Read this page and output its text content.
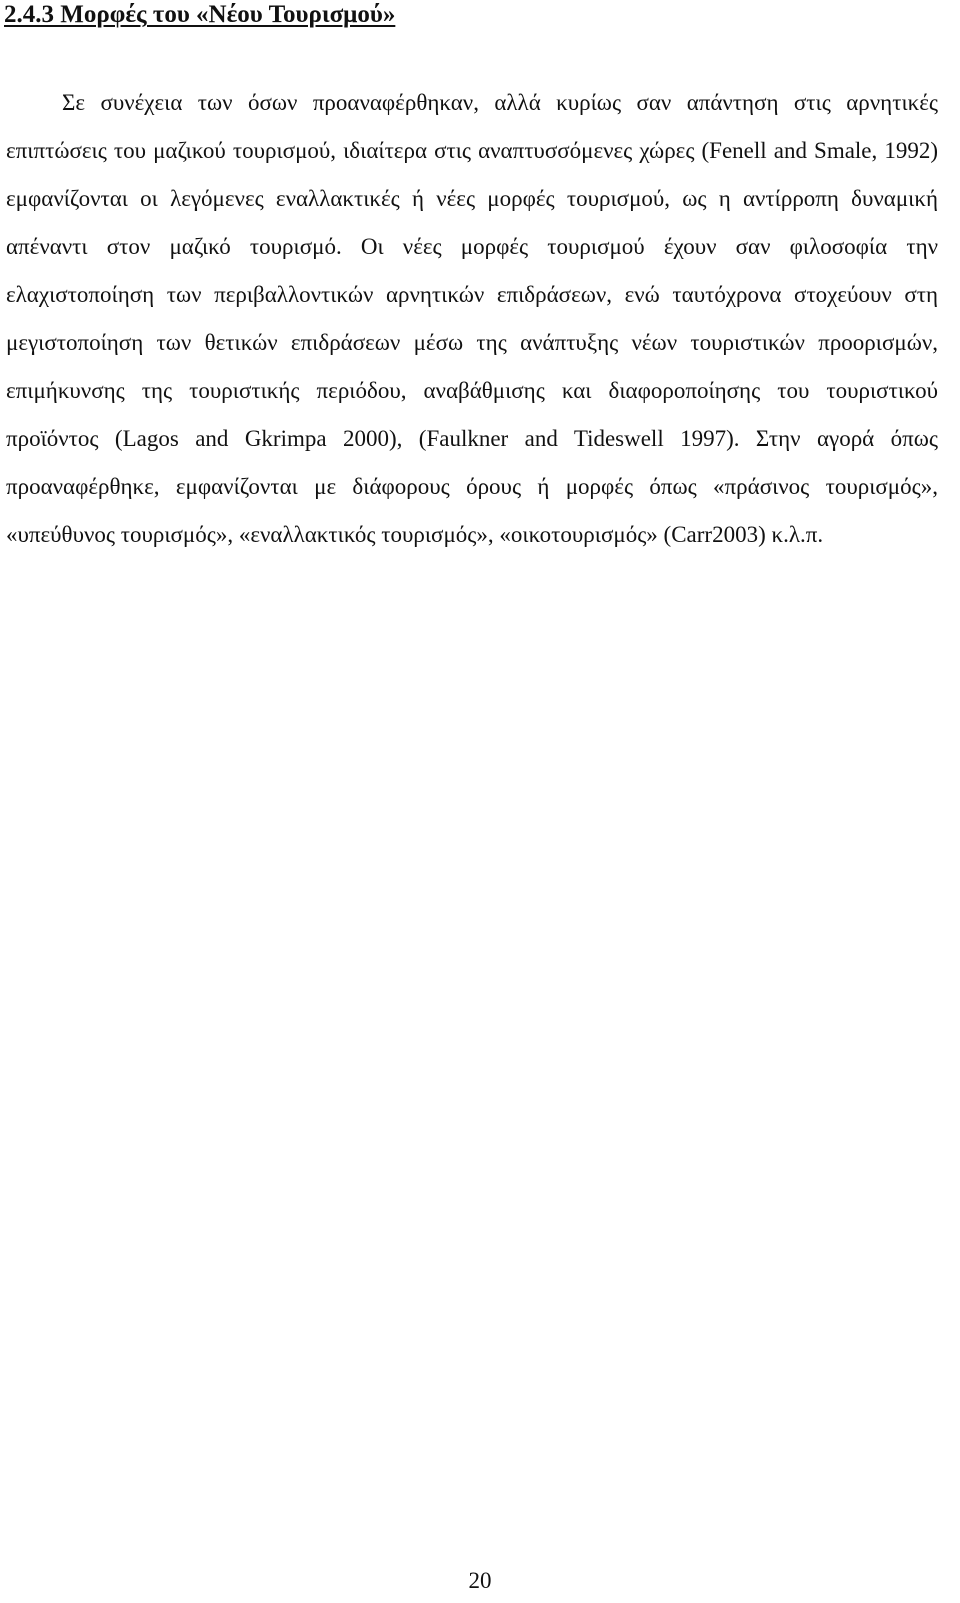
2.4.3 Μορφές του «Νέου Τουρισμού»

Σε συνέχεια των όσων προαναφέρθηκαν, αλλά κυρίως σαν απάντηση στις αρνητικές επιπτώσεις του μαζικού τουρισμού, ιδιαίτερα στις αναπτυσσόμενες χώρες (Fenell and Smale, 1992) εμφανίζονται οι λεγόμενες εναλλακτικές ή νέες μορφές τουρισμού, ως η αντίρροπη δυναμική απέναντι στον μαζικό τουρισμό. Οι νέες μορφές τουρισμού έχουν σαν φιλοσοφία την ελαχιστοποίηση των περιβαλλοντικών αρνητικών επιδράσεων, ενώ ταυτόχρονα στοχεύουν στη μεγιστοποίηση των θετικών επιδράσεων μέσω της ανάπτυξης νέων τουριστικών προορισμών, επιμήκυνσης της τουριστικής περιόδου, αναβάθμισης και διαφοροποίησης του τουριστικού προϊόντος (Lagos and Gkrimpa 2000), (Faulkner and Tideswell 1997). Στην αγορά όπως προαναφέρθηκε, εμφανίζονται με διάφορους όρους ή μορφές όπως «πράσινος τουρισμός», «υπεύθυνος τουρισμός», «εναλλακτικός τουρισμός», «οικοτουρισμός» (Carr2003) κ.λ.π.

20
